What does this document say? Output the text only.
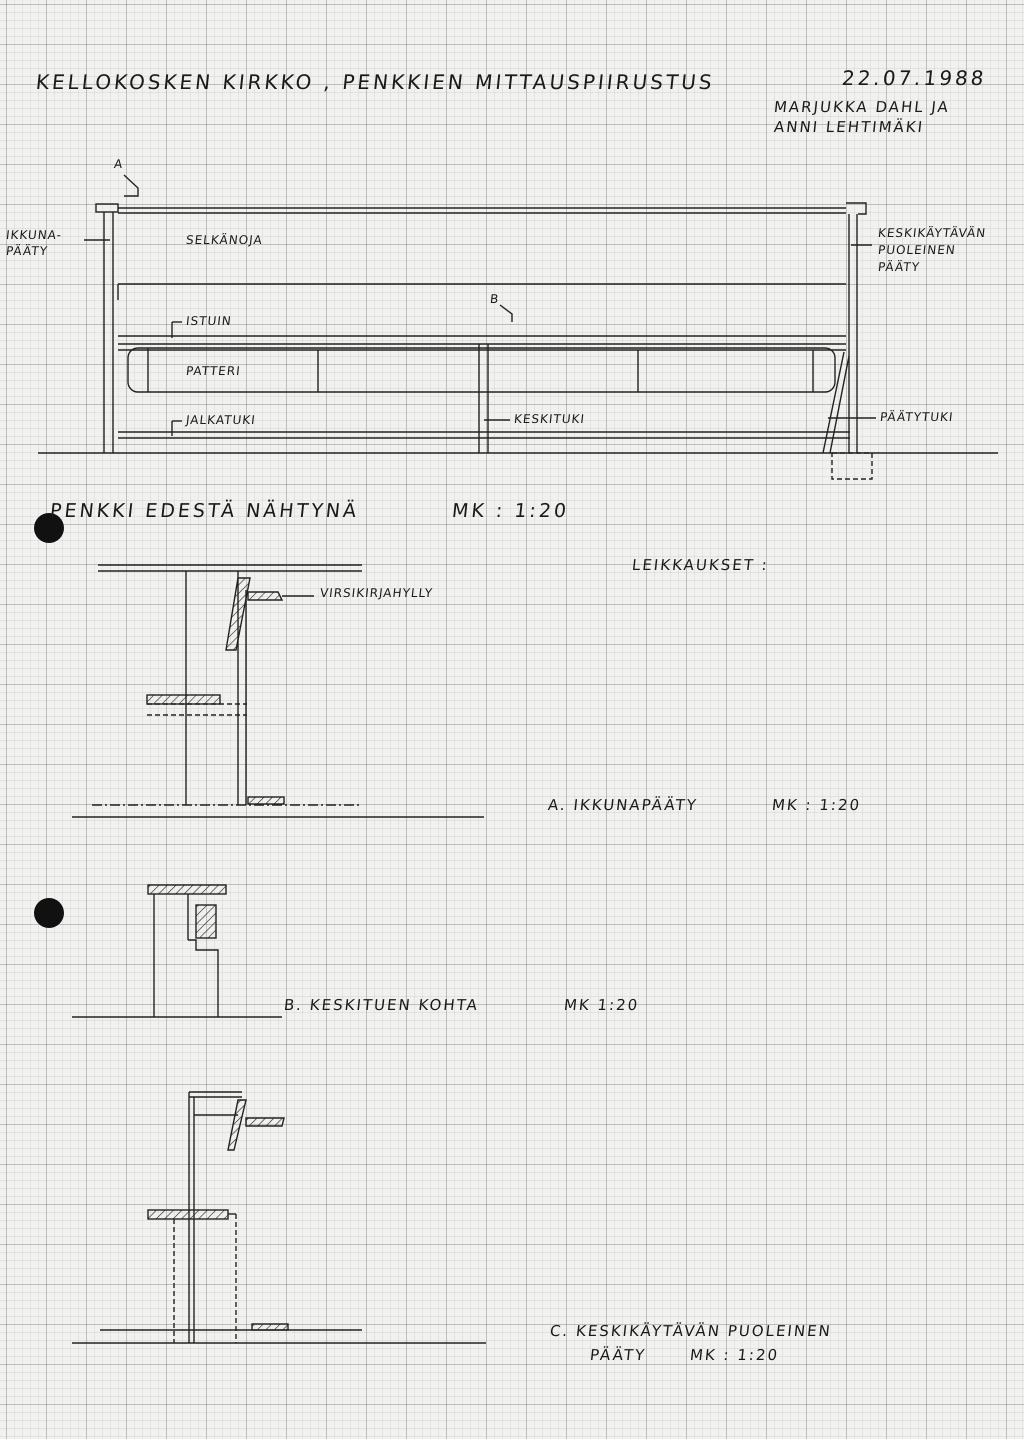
KELLOKOSKEN KIRKKO , PENKKIEN MITTAUSPIIRUSTUS	22.07.1988
MARJUKKA DAHL JA
ANNI LEHTIMÄKI
A
B
IKKUNA-
PÄÄTY
SELKÄNOJA
ISTUIN
PATTERI
JALKATUKI	KESKITUKI
KESKIKÄYTÄVÄN
PUOLEINEN
PÄÄTY
PÄÄTYTUKI
PENKKI EDESTÄ NÄHTYNÄ	MK : 1:20
LEIKKAUKSET :
VIRSIKIRJAHYLLY
A. IKKUNAPÄÄTY	MK : 1:20
B. KESKITUEN KOHTA	MK 1:20
C. KESKIKÄYTÄVÄN PUOLEINEN
PÄÄTY	MK : 1:20
